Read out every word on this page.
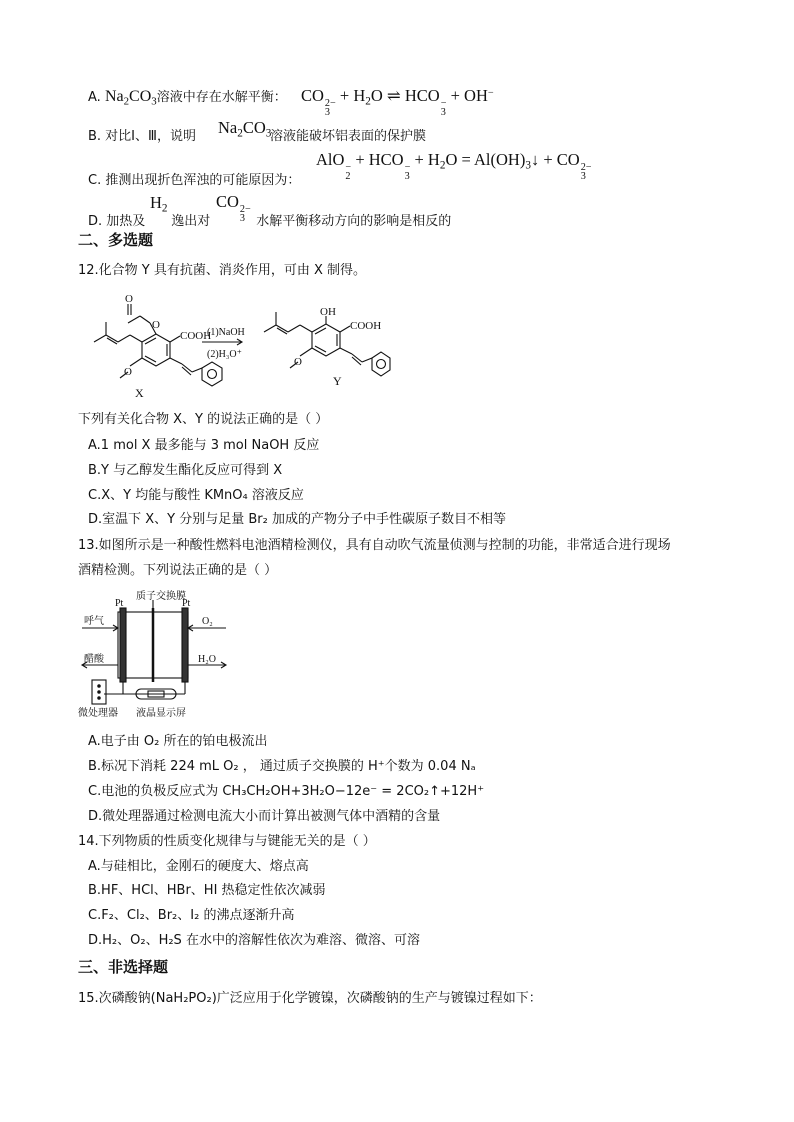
A. $Na_2CO_3$溶液中存在水解平衡： CO 2−
3
+ $H_2O$ ⇌ HCO −
3
+ OH−
$Na_2CO_3$
B. 对比Ⅰ、Ⅲ，说明	溶液能破坏铝表面的保护膜
AlO −
2
+ HCO −
3
+ $H_2O$ = $Al(OH)_3↓$ + CO 2−
3
C. 推测出现折色浑浊的可能原因为：
$H_2$	CO 2−
3
D. 加热及 逸出对	水解平衡移动方向的影响是相反的
二、多选题
12.化合物 Y 具有抗菌、消炎作用，可由 X 制得。
O
O
COOH
O
X
(1)NaOH
(2)H₃O⁺
OH
COOH
O
Y
下列有关化合物 X、Y 的说法正确的是（ ）
A.1 mol X 最多能与 3 mol NaOH 反应
B.Y 与乙醇发生酯化反应可得到 X
C.X、Y 均能与酸性 KMnO₄ 溶液反应
D.室温下 X、Y 分别与足量 Br₂ 加成的产物分子中手性碳原子数目不相等
13.如图所示是一种酸性燃料电池酒精检测仪，具有自动吹气流量侦测与控制的功能，非常适合进行现场
酒精检测。下列说法正确的是（ ）
质子交换膜
Pt	Pt
呼气	O₂
醋酸	H₂O
微处理器 液晶显示屏
A.电子由 O₂ 所在的铂电极流出
B.标况下消耗 224 mL O₂ ， 通过质子交换膜的 H⁺个数为 0.04 Nₐ
C.电池的负极反应式为 CH₃CH₂OH+3H₂O−12e⁻ = 2CO₂↑+12H⁺
D.微处理器通过检测电流大小而计算出被测气体中酒精的含量
14.下列物质的性质变化规律与与键能无关的是（ ）
A.与硅相比，金刚石的硬度大、熔点高
B.HF、HCl、HBr、HI 热稳定性依次减弱
C.F₂、Cl₂、Br₂、I₂ 的沸点逐渐升高
D.H₂、O₂、H₂S 在水中的溶解性依次为难溶、微溶、可溶
三、非选择题
15.次磷酸钠(NaH₂PO₂)广泛应用于化学镀镍，次磷酸钠的生产与镀镍过程如下：
